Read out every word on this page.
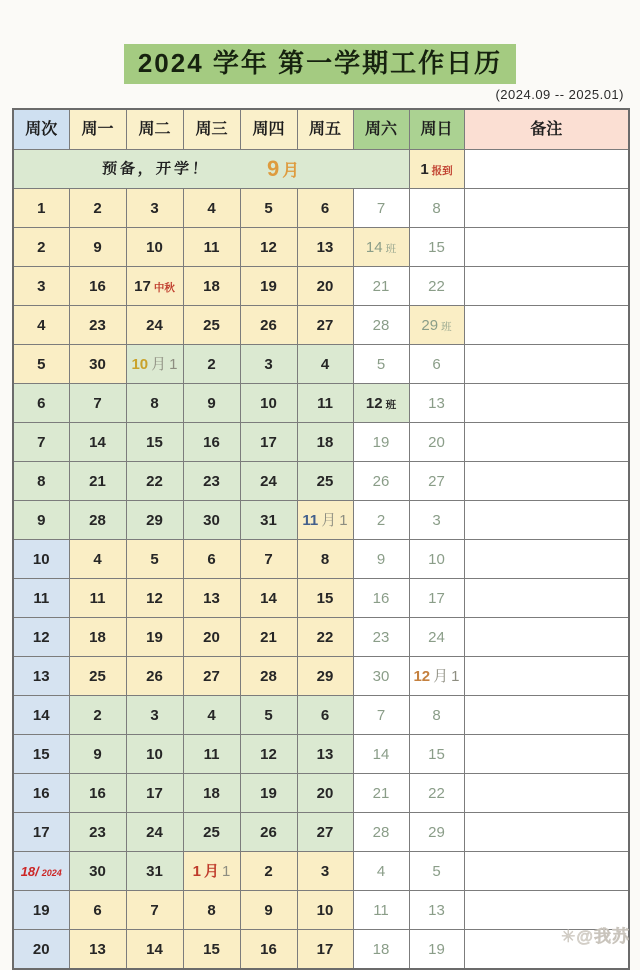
2024 学年 第一学期工作日历
(2024.09 -- 2025.01)
周次	周一	周二	周三	周四	周五	周六	周日	备注

预备，开学！ 9 月							1 报到	
1	2	3	4	5	6	7	8	
2	9	10	11	12	13	14 班	15	
3	16	17 中秋	18	19	20	21	22	
4	23	24	25	26	27	28	29 班	
5	30	10 月 1	2	3	4	5	6	
6	7	8	9	10	11	12 班	13	
7	14	15	16	17	18	19	20	
8	21	22	23	24	25	26	27	
9	28	29	30	31	11 月 1	2	3	
10	4	5	6	7	8	9	10	
11	11	12	13	14	15	16	17	
12	18	19	20	21	22	23	24	
13	25	26	27	28	29	30	12 月 1	
14	2	3	4	5	6	7	8	
15	9	10	11	12	13	14	15	
16	16	17	18	19	20	21	22	
17	23	24	25	26	27	28	29	
18/ 2024	30	31	1 月 1	2	3	4	5	
19	6	7	8	9	10	11	13	
20	13	14	15	16	17	18	19	
✳@我苏
